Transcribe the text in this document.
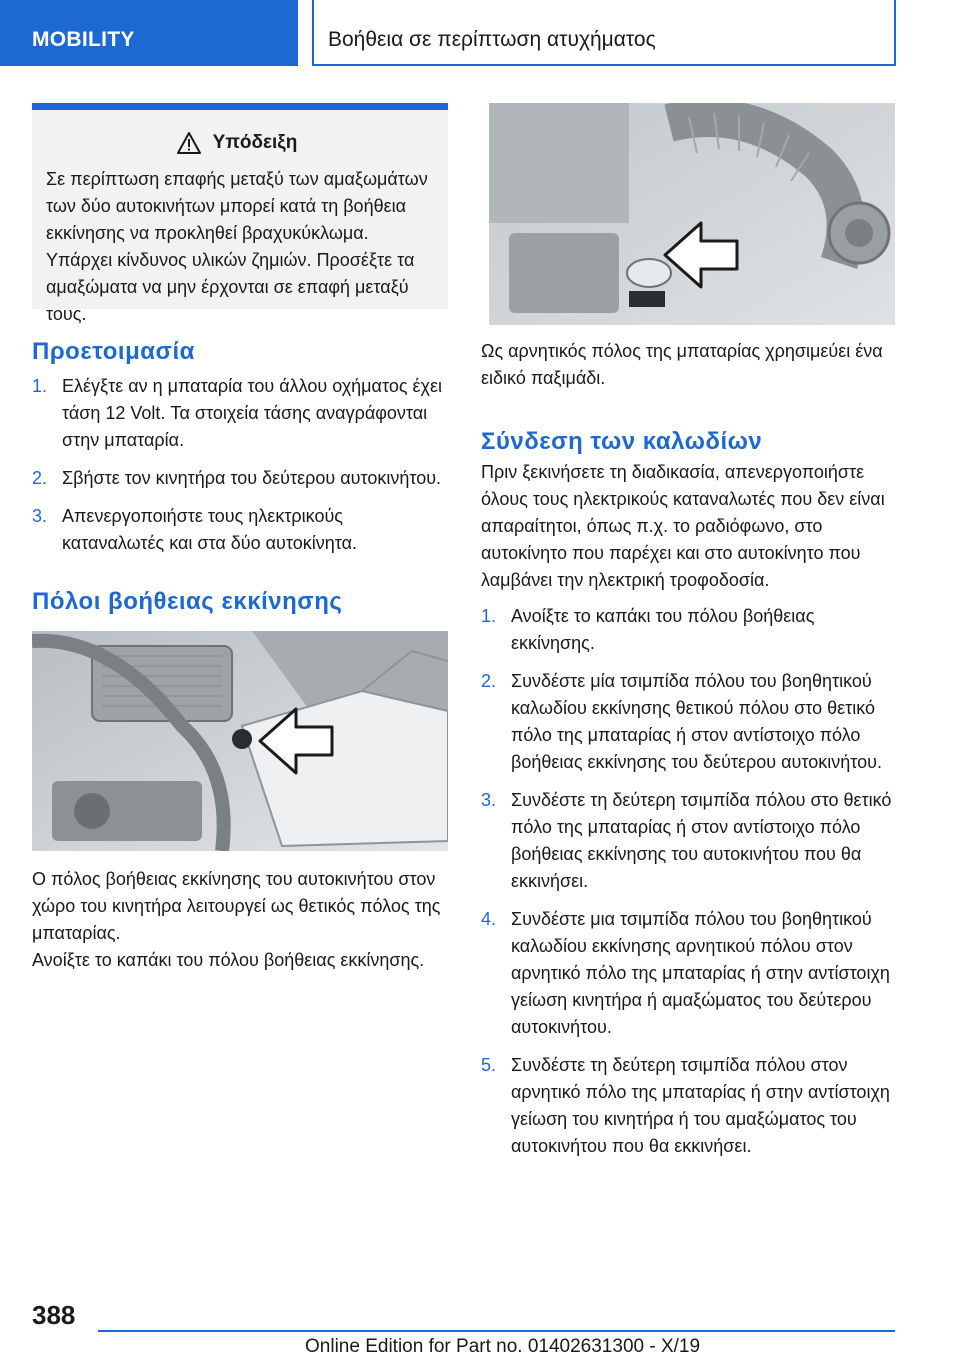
MOBILITY	Βοήθεια σε περίπτωση ατυχήματος
Υπόδειξη
Σε περίπτωση επαφής μεταξύ των αμαξωμάτων των δύο αυτοκινήτων μπορεί κατά τη βοήθεια εκκίνησης να προκληθεί βραχυκύκλωμα. Υπάρχει κίνδυνος υλικών ζημιών. Προσέξτε τα αμαξώματα να μην έρχονται σε επαφή μεταξύ τους.
Προετοιμασία
1. Ελέγξτε αν η μπαταρία του άλλου οχήματος έχει τάση 12 Volt. Τα στοιχεία τάσης αναγράφονται στην μπαταρία.
2. Σβήστε τον κινητήρα του δεύτερου αυτοκινήτου.
3. Απενεργοποιήστε τους ηλεκτρικούς καταναλωτές και στα δύο αυτοκίνητα.
Πόλοι βοήθειας εκκίνησης
Ο πόλος βοήθειας εκκίνησης του αυτοκινήτου στον χώρο του κινητήρα λειτουργεί ως θετικός πόλος της μπαταρίας.
Ανοίξτε το καπάκι του πόλου βοήθειας εκκίνησης.
Ως αρνητικός πόλος της μπαταρίας χρησιμεύει ένα ειδικό παξιμάδι.
Σύνδεση των καλωδίων
Πριν ξεκινήσετε τη διαδικασία, απενεργοποιήστε όλους τους ηλεκτρικούς καταναλωτές που δεν είναι απαραίτητοι, όπως π.χ. το ραδιόφωνο, στο αυτοκίνητο που παρέχει και στο αυτοκίνητο που λαμβάνει την ηλεκτρική τροφοδοσία.
1. Ανοίξτε το καπάκι του πόλου βοήθειας εκκίνησης.
2. Συνδέστε μία τσιμπίδα πόλου του βοηθητικού καλωδίου εκκίνησης θετικού πόλου στο θετικό πόλο της μπαταρίας ή στον αντίστοιχο πόλο βοήθειας εκκίνησης του δεύτερου αυτοκινήτου.
3. Συνδέστε τη δεύτερη τσιμπίδα πόλου στο θετικό πόλο της μπαταρίας ή στον αντίστοιχο πόλο βοήθειας εκκίνησης του αυτοκινήτου που θα εκκινήσει.
4. Συνδέστε μια τσιμπίδα πόλου του βοηθητικού καλωδίου εκκίνησης αρνητικού πόλου στον αρνητικό πόλο της μπαταρίας ή στην αντίστοιχη γείωση κινητήρα ή αμαξώματος του δεύτερου αυτοκινήτου.
5. Συνδέστε τη δεύτερη τσιμπίδα πόλου στον αρνητικό πόλο της μπαταρίας ή στην αντίστοιχη γείωση του κινητήρα ή του αμαξώματος του αυτοκινήτου που θα εκκινήσει.
388
Online Edition for Part no. 01402631300 - X/19
